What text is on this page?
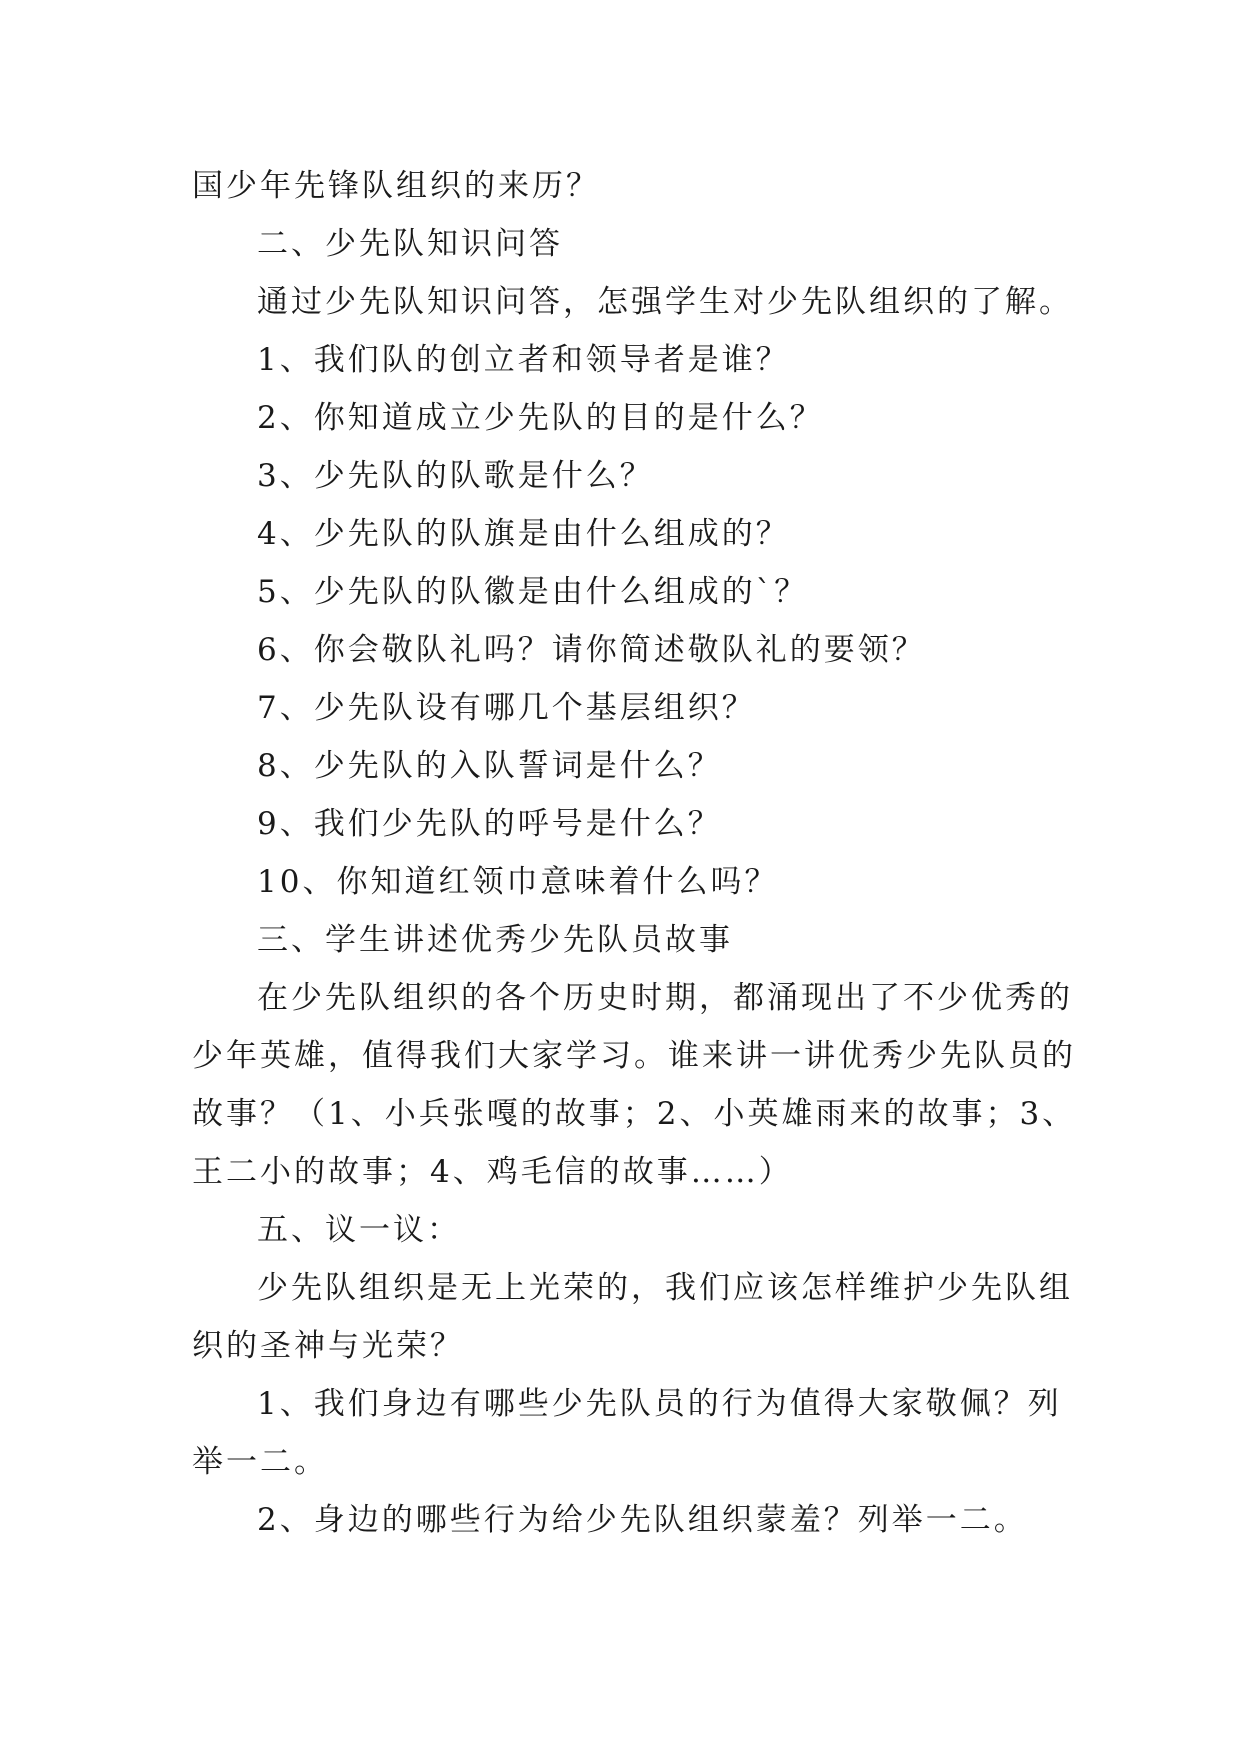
国少年先锋队组织的来历？
二、少先队知识问答
通过少先队知识问答，怎强学生对少先队组织的了解。
1、我们队的创立者和领导者是谁？
2、你知道成立少先队的目的是什么？
3、少先队的队歌是什么？
4、少先队的队旗是由什么组成的？
5、少先队的队徽是由什么组成的`？
6、你会敬队礼吗？请你简述敬队礼的要领？
7、少先队设有哪几个基层组织？
8、少先队的入队誓词是什么？
9、我们少先队的呼号是什么？
10、你知道红领巾意味着什么吗？
三、学生讲述优秀少先队员故事
在少先队组织的各个历史时期，都涌现出了不少优秀的
少年英雄，值得我们大家学习。谁来讲一讲优秀少先队员的
故事？（1、小兵张嘎的故事；2、小英雄雨来的故事；3、
王二小的故事；4、鸡毛信的故事……）
五、议一议：
少先队组织是无上光荣的，我们应该怎样维护少先队组
织的圣神与光荣？
1、我们身边有哪些少先队员的行为值得大家敬佩？列
举一二。
2、身边的哪些行为给少先队组织蒙羞？列举一二。
